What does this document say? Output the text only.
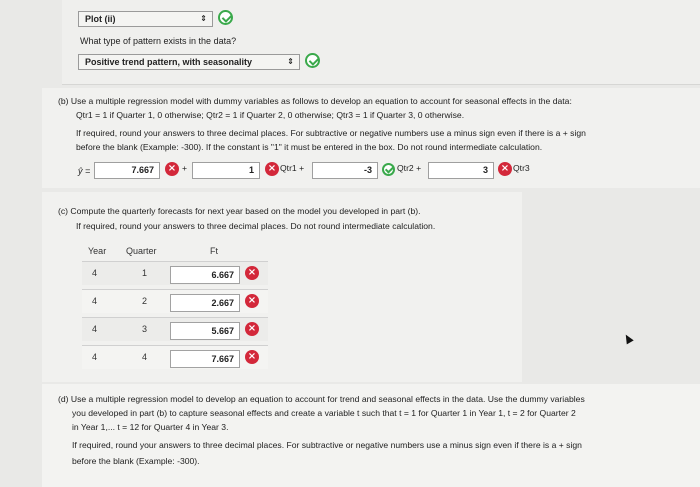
Plot (ii)	⇕
What type of pattern exists in the data?
Positive trend pattern, with seasonality	⇕
(b) Use a multiple regression model with dummy variables as follows to develop an equation to account for seasonal effects in the data:
Qtr1 = 1 if Quarter 1, 0 otherwise; Qtr2 = 1 if Quarter 2, 0 otherwise; Qtr3 = 1 if Quarter 3, 0 otherwise.
If required, round your answers to three decimal places. For subtractive or negative numbers use a minus sign even if there is a + sign
before the blank (Example: -300). If the constant is "1" it must be entered in the box. Do not round intermediate calculation.
ŷ =	7.667	× +	1	× Qtr1 +	-3	Qtr2 +	3	× Qtr3
(c) Compute the quarterly forecasts for next year based on the model you developed in part (b).
If required, round your answers to three decimal places. Do not round intermediate calculation.
Year Quarter	Ft
4	1	6.667	×
4	2	2.667	×
4	3	5.667	×
4	4	7.667	×
(d) Use a multiple regression model to develop an equation to account for trend and seasonal effects in the data. Use the dummy variables
you developed in part (b) to capture seasonal effects and create a variable t such that t = 1 for Quarter 1 in Year 1, t = 2 for Quarter 2
in Year 1,... t = 12 for Quarter 4 in Year 3.
If required, round your answers to three decimal places. For subtractive or negative numbers use a minus sign even if there is a + sign
before the blank (Example: -300).
